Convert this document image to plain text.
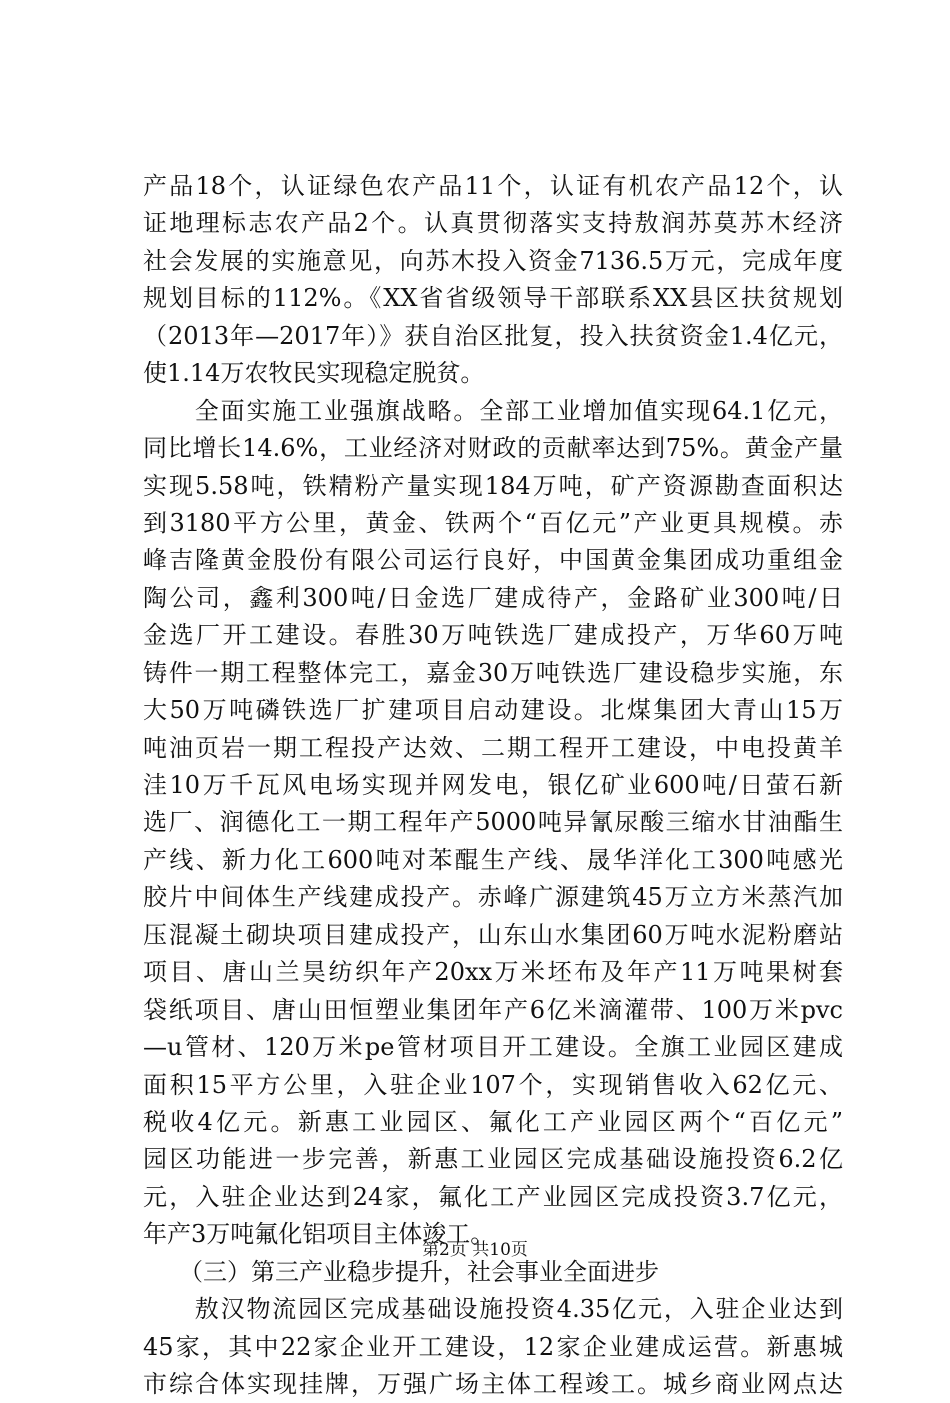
产品18个，认证绿色农产品11个，认证有机农产品12个，认
证地理标志农产品2个。认真贯彻落实支持敖润苏莫苏木经济
社会发展的实施意见，向苏木投入资金7136.5万元，完成年度
规划目标的112%。《XX省省级领导干部联系XX县区扶贫规划
（2013年—2017年）》获自治区批复，投入扶贫资金1.4亿元，
使1.14万农牧民实现稳定脱贫。
　　全面实施工业强旗战略。全部工业增加值实现64.1亿元，
同比增长14.6%，工业经济对财政的贡献率达到75%。黄金产量
实现5.58吨，铁精粉产量实现184万吨，矿产资源勘查面积达
到3180平方公里，黄金、铁两个“百亿元”产业更具规模。赤
峰吉隆黄金股份有限公司运行良好，中国黄金集团成功重组金
陶公司，鑫利300吨/日金选厂建成待产，金路矿业300吨/日
金选厂开工建设。春胜30万吨铁选厂建成投产，万华60万吨
铸件一期工程整体完工，嘉金30万吨铁选厂建设稳步实施，东
大50万吨磷铁选厂扩建项目启动建设。北煤集团大青山15万
吨油页岩一期工程投产达效、二期工程开工建设，中电投黄羊
洼10万千瓦风电场实现并网发电，银亿矿业600吨/日萤石新
选厂、润德化工一期工程年产5000吨异氰尿酸三缩水甘油酯生
产线、新力化工600吨对苯醌生产线、晟华洋化工300吨感光
胶片中间体生产线建成投产。赤峰广源建筑45万立方米蒸汽加
压混凝土砌块项目建成投产，山东山水集团60万吨水泥粉磨站
项目、唐山兰昊纺织年产20xx万米坯布及年产11万吨果树套
袋纸项目、唐山田恒塑业集团年产6亿米滴灌带、100万米pvc
—u管材、120万米pe管材项目开工建设。全旗工业园区建成
面积15平方公里，入驻企业107个，实现销售收入62亿元、
税收4亿元。新惠工业园区、氟化工产业园区两个“百亿元”
园区功能进一步完善，新惠工业园区完成基础设施投资6.2亿
元，入驻企业达到24家，氟化工产业园区完成投资3.7亿元，
年产3万吨氟化铝项目主体竣工。
　　（三）第三产业稳步提升，社会事业全面进步
　　敖汉物流园区完成基础设施投资4.35亿元，入驻企业达到
45家，其中22家企业开工建设，12家企业建成运营。新惠城
市综合体实现挂牌，万强广场主体工程竣工。城乡商业网点达
第2页 共10页
